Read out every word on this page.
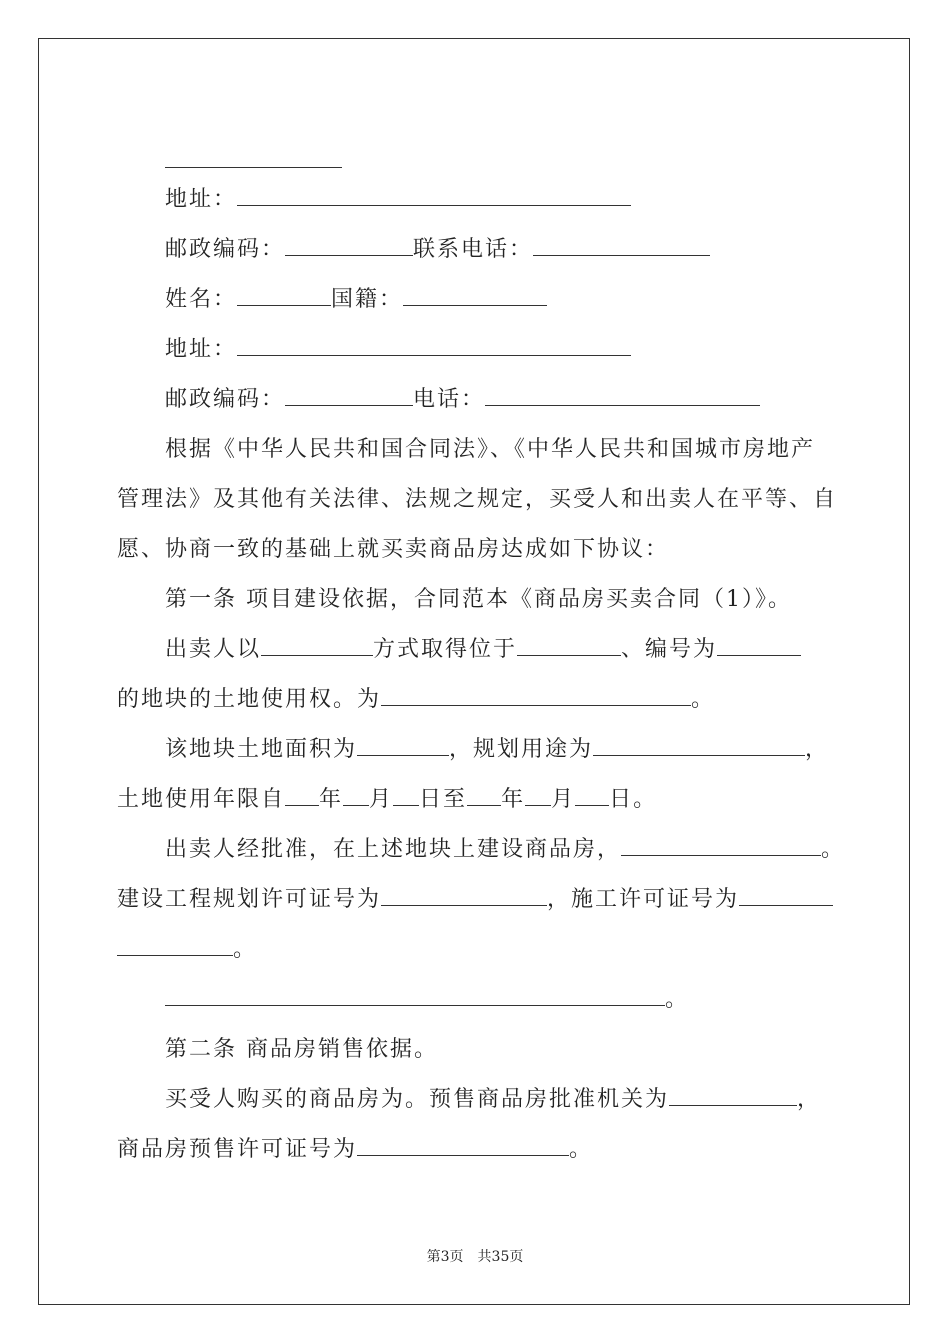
地址：
邮政编码：	联系电话：
姓名：	国籍：
地址：
邮政编码：	电话：
根据《中华人民共和国合同法》、《中华人民共和国城市房地产
管理法》及其他有关法律、法规之规定，买受人和出卖人在平等、自
愿、协商一致的基础上就买卖商品房达成如下协议：
第一条 项目建设依据，合同范本《商品房买卖合同（1）》。
出卖人以	方式取得位于	、编号为
的地块的土地使用权。为	。
该地块土地面积为	，规划用途为	，
土地使用年限自 年 月 日至 年 月 日。
出卖人经批准，在上述地块上建设商品房，	。
建设工程规划许可证号为	，施工许可证号为
。
。
第二条 商品房销售依据。
买受人购买的商品房为。预售商品房批准机关为	，
商品房预售许可证号为	。
第3页　共35页
